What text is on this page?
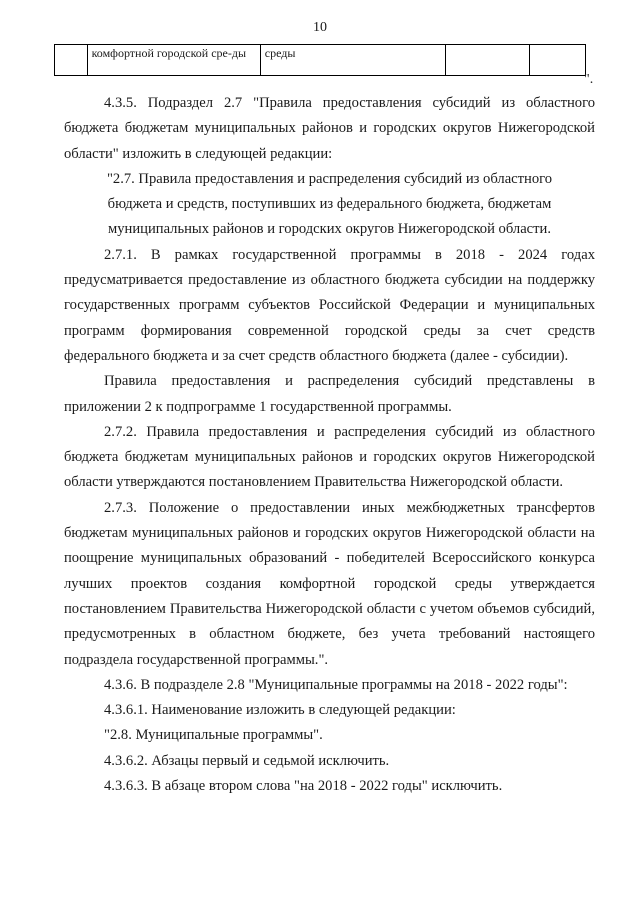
10
	комфортной городской сре-ды	среды		
".

4.3.5. Подраздел 2.7 "Правила предоставления субсидий из областного бюджета бюджетам муниципальных районов и городских округов Нижегородской области" изложить в следующей редакции:

"2.7. Правила предоставления и распределения субсидий из областного бюджета и средств, поступивших из федерального бюджета, бюджетам муниципальных районов и городских округов Нижегородской области.

2.7.1. В рамках государственной программы в 2018 - 2024 годах предусматривается предоставление из областного бюджета субсидии на поддержку государственных программ субъектов Российской Федерации и муниципальных программ формирования современной городской среды за счет средств федерального бюджета и за счет средств областного бюджета (далее - субсидии).

Правила предоставления и распределения субсидий представлены в приложении 2 к подпрограмме 1 государственной программы.

2.7.2. Правила предоставления и распределения субсидий из областного бюджета бюджетам муниципальных районов и городских округов Нижегородской области утверждаются постановлением Правительства Нижегородской области.

2.7.3. Положение о предоставлении иных межбюджетных трансфертов бюджетам муниципальных районов и городских округов Нижегородской области на поощрение муниципальных образований - победителей Всероссийского конкурса лучших проектов создания комфортной городской среды утверждается постановлением Правительства Нижегородской области с учетом объемов субсидий, предусмотренных в областном бюджете, без учета требований настоящего подраздела государственной программы.".

4.3.6. В подразделе 2.8 "Муниципальные программы на 2018 - 2022 годы":

4.3.6.1. Наименование изложить в следующей редакции:

"2.8. Муниципальные программы".

4.3.6.2. Абзацы первый и седьмой исключить.

4.3.6.3. В абзаце втором слова "на 2018 - 2022 годы" исключить.
